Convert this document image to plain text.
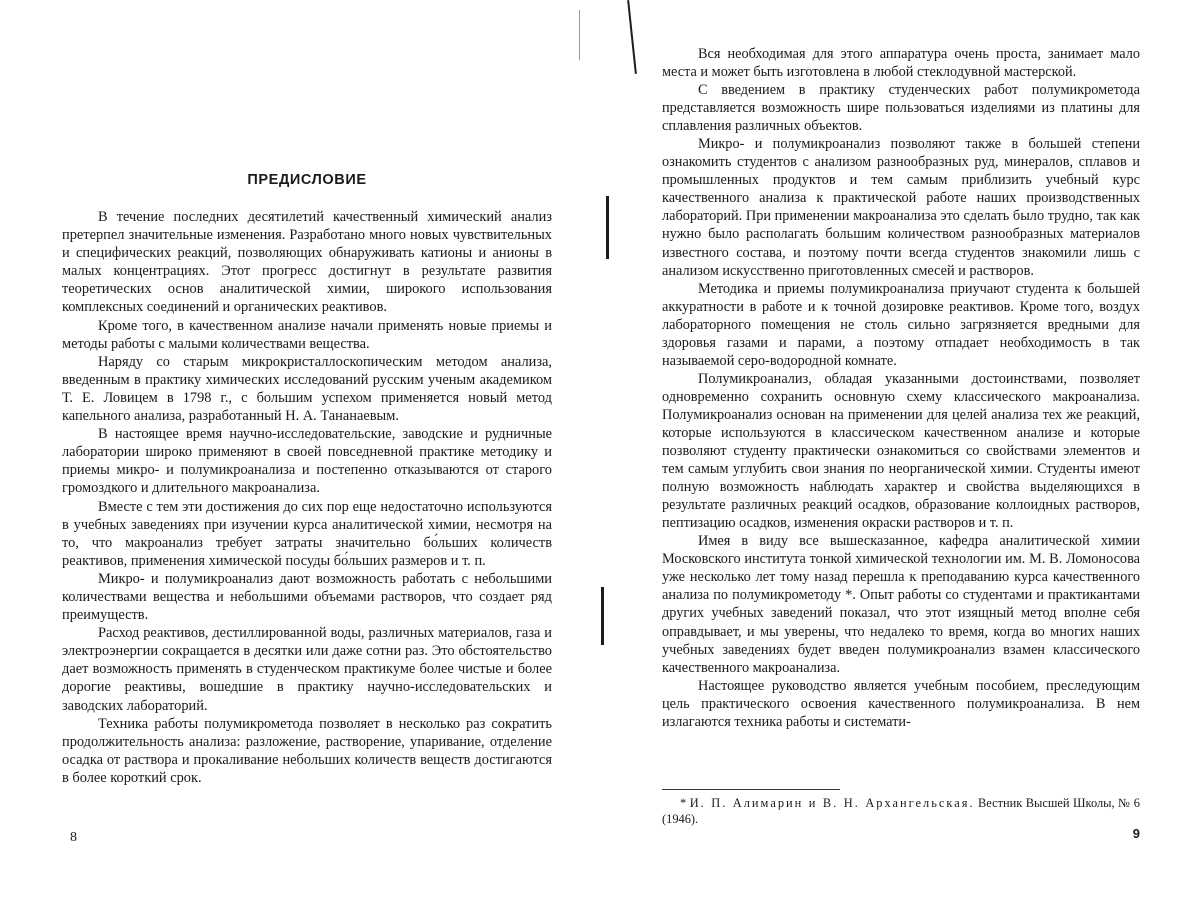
ПРЕДИСЛОВИЕ

В течение последних десятилетий качественный химический анализ претерпел значительные изменения. Разработано много новых чувствительных и специфических реакций, позволяющих обнаруживать катионы и анионы в малых концентрациях. Этот прогресс достигнут в результате развития теоретических основ аналитической химии, широкого использования комплексных соединений и органических реактивов.

Кроме того, в качественном анализе начали применять новые приемы и методы работы с малыми количествами вещества.

Наряду со старым микрокристаллоскопическим методом анализа, введенным в практику химических исследований русским ученым академиком Т. Е. Ловицем в 1798 г., с большим успехом применяется новый метод капельного анализа, разработанный Н. А. Тананаевым.

В настоящее время научно-исследовательские, заводские и рудничные лаборатории широко применяют в своей повседневной практике методику и приемы микро- и полумикроанализа и постепенно отказываются от старого громоздкого и длительного макроанализа.

Вместе с тем эти достижения до сих пор еще недостаточно используются в учебных заведениях при изучении курса аналитической химии, несмотря на то, что макроанализ требует затраты значительно бо́льших количеств реактивов, применения химической посуды бо́льших размеров и т. п.

Микро- и полумикроанализ дают возможность работать с небольшими количествами вещества и небольшими объемами растворов, что создает ряд преимуществ.

Расход реактивов, дестиллированной воды, различных материалов, газа и электроэнергии сокращается в десятки или даже сотни раз. Это обстоятельство дает возможность применять в студенческом практикуме более чистые и более дорогие реактивы, вошедшие в практику научно-исследовательских и заводских лабораторий.

Техника работы полумикрометода позволяет в несколько раз сократить продолжительность анализа: разложение, растворение, упаривание, отделение осадка от раствора и прокаливание небольших количеств веществ достигаются в более короткий срок.

8

Вся необходимая для этого аппаратура очень проста, занимает мало места и может быть изготовлена в любой стеклодувной мастерской.

С введением в практику студенческих работ полумикрометода представляется возможность шире пользоваться изделиями из платины для сплавления различных объектов.

Микро- и полумикроанализ позволяют также в большей степени ознакомить студентов с анализом разнообразных руд, минералов, сплавов и промышленных продуктов и тем самым приблизить учебный курс качественного анализа к практической работе наших производственных лабораторий. При применении макроанализа это сделать было трудно, так как нужно было располагать большим количеством разнообразных материалов известного состава, и поэтому почти всегда студентов знакомили лишь с анализом искусственно приготовленных смесей и растворов.

Методика и приемы полумикроанализа приучают студента к большей аккуратности в работе и к точной дозировке реактивов. Кроме того, воздух лабораторного помещения не столь сильно загрязняется вредными для здоровья газами и парами, а поэтому отпадает необходимость в так называемой серо-водородной комнате.

Полумикроанализ, обладая указанными достоинствами, позволяет одновременно сохранить основную схему классического макроанализа. Полумикроанализ основан на применении для целей анализа тех же реакций, которые используются в классическом качественном анализе и которые позволяют студенту практически ознакомиться со свойствами элементов и тем самым углубить свои знания по неорганической химии. Студенты имеют полную возможность наблюдать характер и свойства выделяющихся в результате различных реакций осадков, образование коллоидных растворов, пептизацию осадков, изменения окраски растворов и т. п.

Имея в виду все вышесказанное, кафедра аналитической химии Московского института тонкой химической технологии им. М. В. Ломоносова уже несколько лет тому назад перешла к преподаванию курса качественного анализа по полумикрометоду *. Опыт работы со студентами и практикантами других учебных заведений показал, что этот изящный метод вполне себя оправдывает, и мы уверены, что недалеко то время, когда во многих наших учебных заведениях будет введен полумикроанализ взамен классического качественного макроанализа.

Настоящее руководство является учебным пособием, преследующим цель практического освоения качественного полумикроанализа. В нем излагаются техника работы и системати-

* И. П. Алимарин и В. Н. Архангельская. Вестник Высшей Школы, № 6 (1946).

9
